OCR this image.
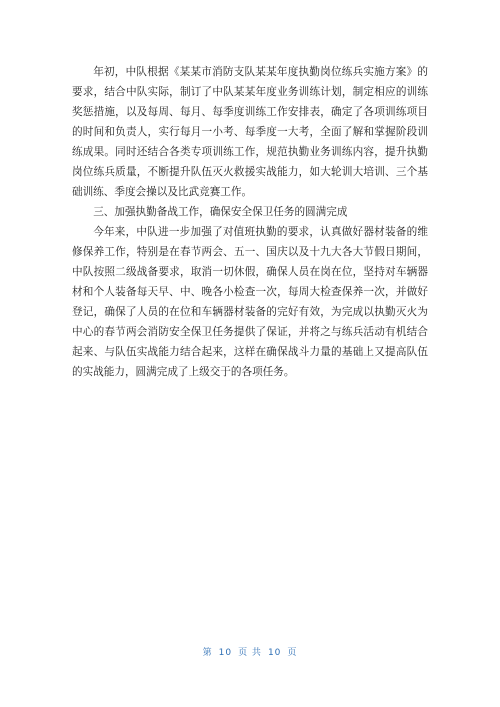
年初，中队根据《某某市消防支队某某年度执勤岗位练兵实施方案》的要求，结合中队实际，制订了中队某某年度业务训练计划，制定相应的训练奖惩措施，以及每周、每月、每季度训练工作安排表，确定了各项训练项目的时间和负责人，实行每月一小考、每季度一大考，全面了解和掌握阶段训练成果。同时还结合各类专项训练工作，规范执勤业务训练内容，提升执勤岗位练兵质量，不断提升队伍灭火救援实战能力，如大轮训大培训、三个基础训练、季度会操以及比武竞赛工作。

三、加强执勤备战工作，确保安全保卫任务的圆满完成

今年来，中队进一步加强了对值班执勤的要求，认真做好器材装备的维修保养工作，特别是在春节两会、五一、国庆以及十九大各大节假日期间，中队按照二级战备要求，取消一切休假，确保人员在岗在位，坚持对车辆器材和个人装备每天早、中、晚各小检查一次，每周大检查保养一次，并做好登记，确保了人员的在位和车辆器材装备的完好有效，为完成以执勤灭火为中心的春节两会消防安全保卫任务提供了保证，并将之与练兵活动有机结合起来、与队伍实战能力结合起来，这样在确保战斗力量的基础上又提高队伍的实战能力，圆满完成了上级交于的各项任务。

第 10 页 共 10 页
